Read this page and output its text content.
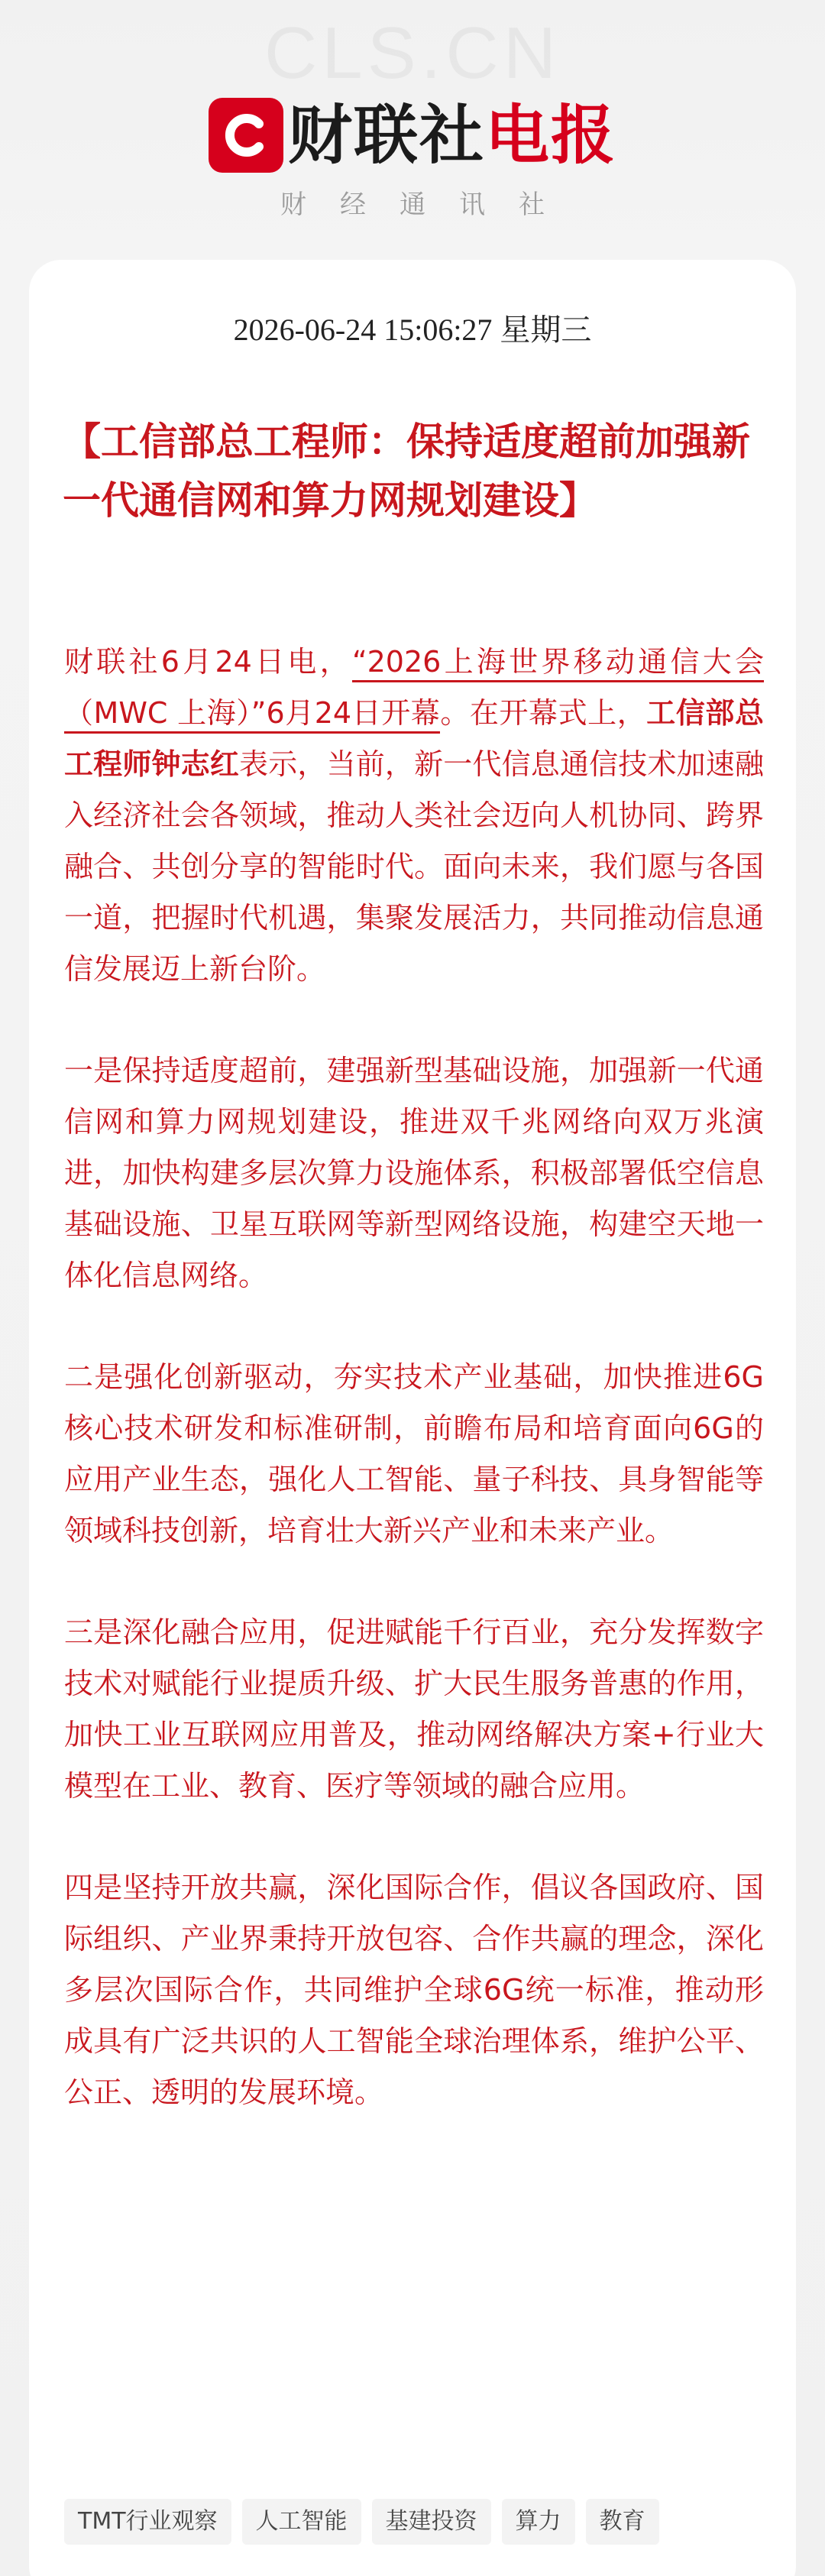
财联社 电报
财经通讯社
2026-06-24 15:06:27 星期三
【工信部总工程师：保持适度超前加强新一代通信网和算力网规划建设】

财联社6月24日电，“2026上海世界移动通信大会（MWC 上海）”6月24日开幕。在开幕式上，工信部总工程师钟志红表示，当前，新一代信息通信技术加速融入经济社会各领域，推动人类社会迈向人机协同、跨界融合、共创分享的智能时代。面向未来，我们愿与各国一道，把握时代机遇，集聚发展活力，共同推动信息通信发展迈上新台阶。

一是保持适度超前，建强新型基础设施，加强新一代通信网和算力网规划建设，推进双千兆网络向双万兆演进，加快构建多层次算力设施体系，积极部署低空信息基础设施、卫星互联网等新型网络设施，构建空天地一体化信息网络。

二是强化创新驱动，夯实技术产业基础，加快推进6G核心技术研发和标准研制，前瞻布局和培育面向6G的应用产业生态，强化人工智能、量子科技、具身智能等领域科技创新，培育壮大新兴产业和未来产业。

三是深化融合应用，促进赋能千行百业，充分发挥数字技术对赋能行业提质升级、扩大民生服务普惠的作用，加快工业互联网应用普及，推动网络解决方案+行业大模型在工业、教育、医疗等领域的融合应用。

四是坚持开放共赢，深化国际合作，倡议各国政府、国际组织、产业界秉持开放包容、合作共赢的理念，深化多层次国际合作，共同维护全球6G统一标准，推动形成具有广泛共识的人工智能全球治理体系，维护公平、公正、透明的发展环境。

TMT行业观察	人工智能	基建投资	算力	教育
